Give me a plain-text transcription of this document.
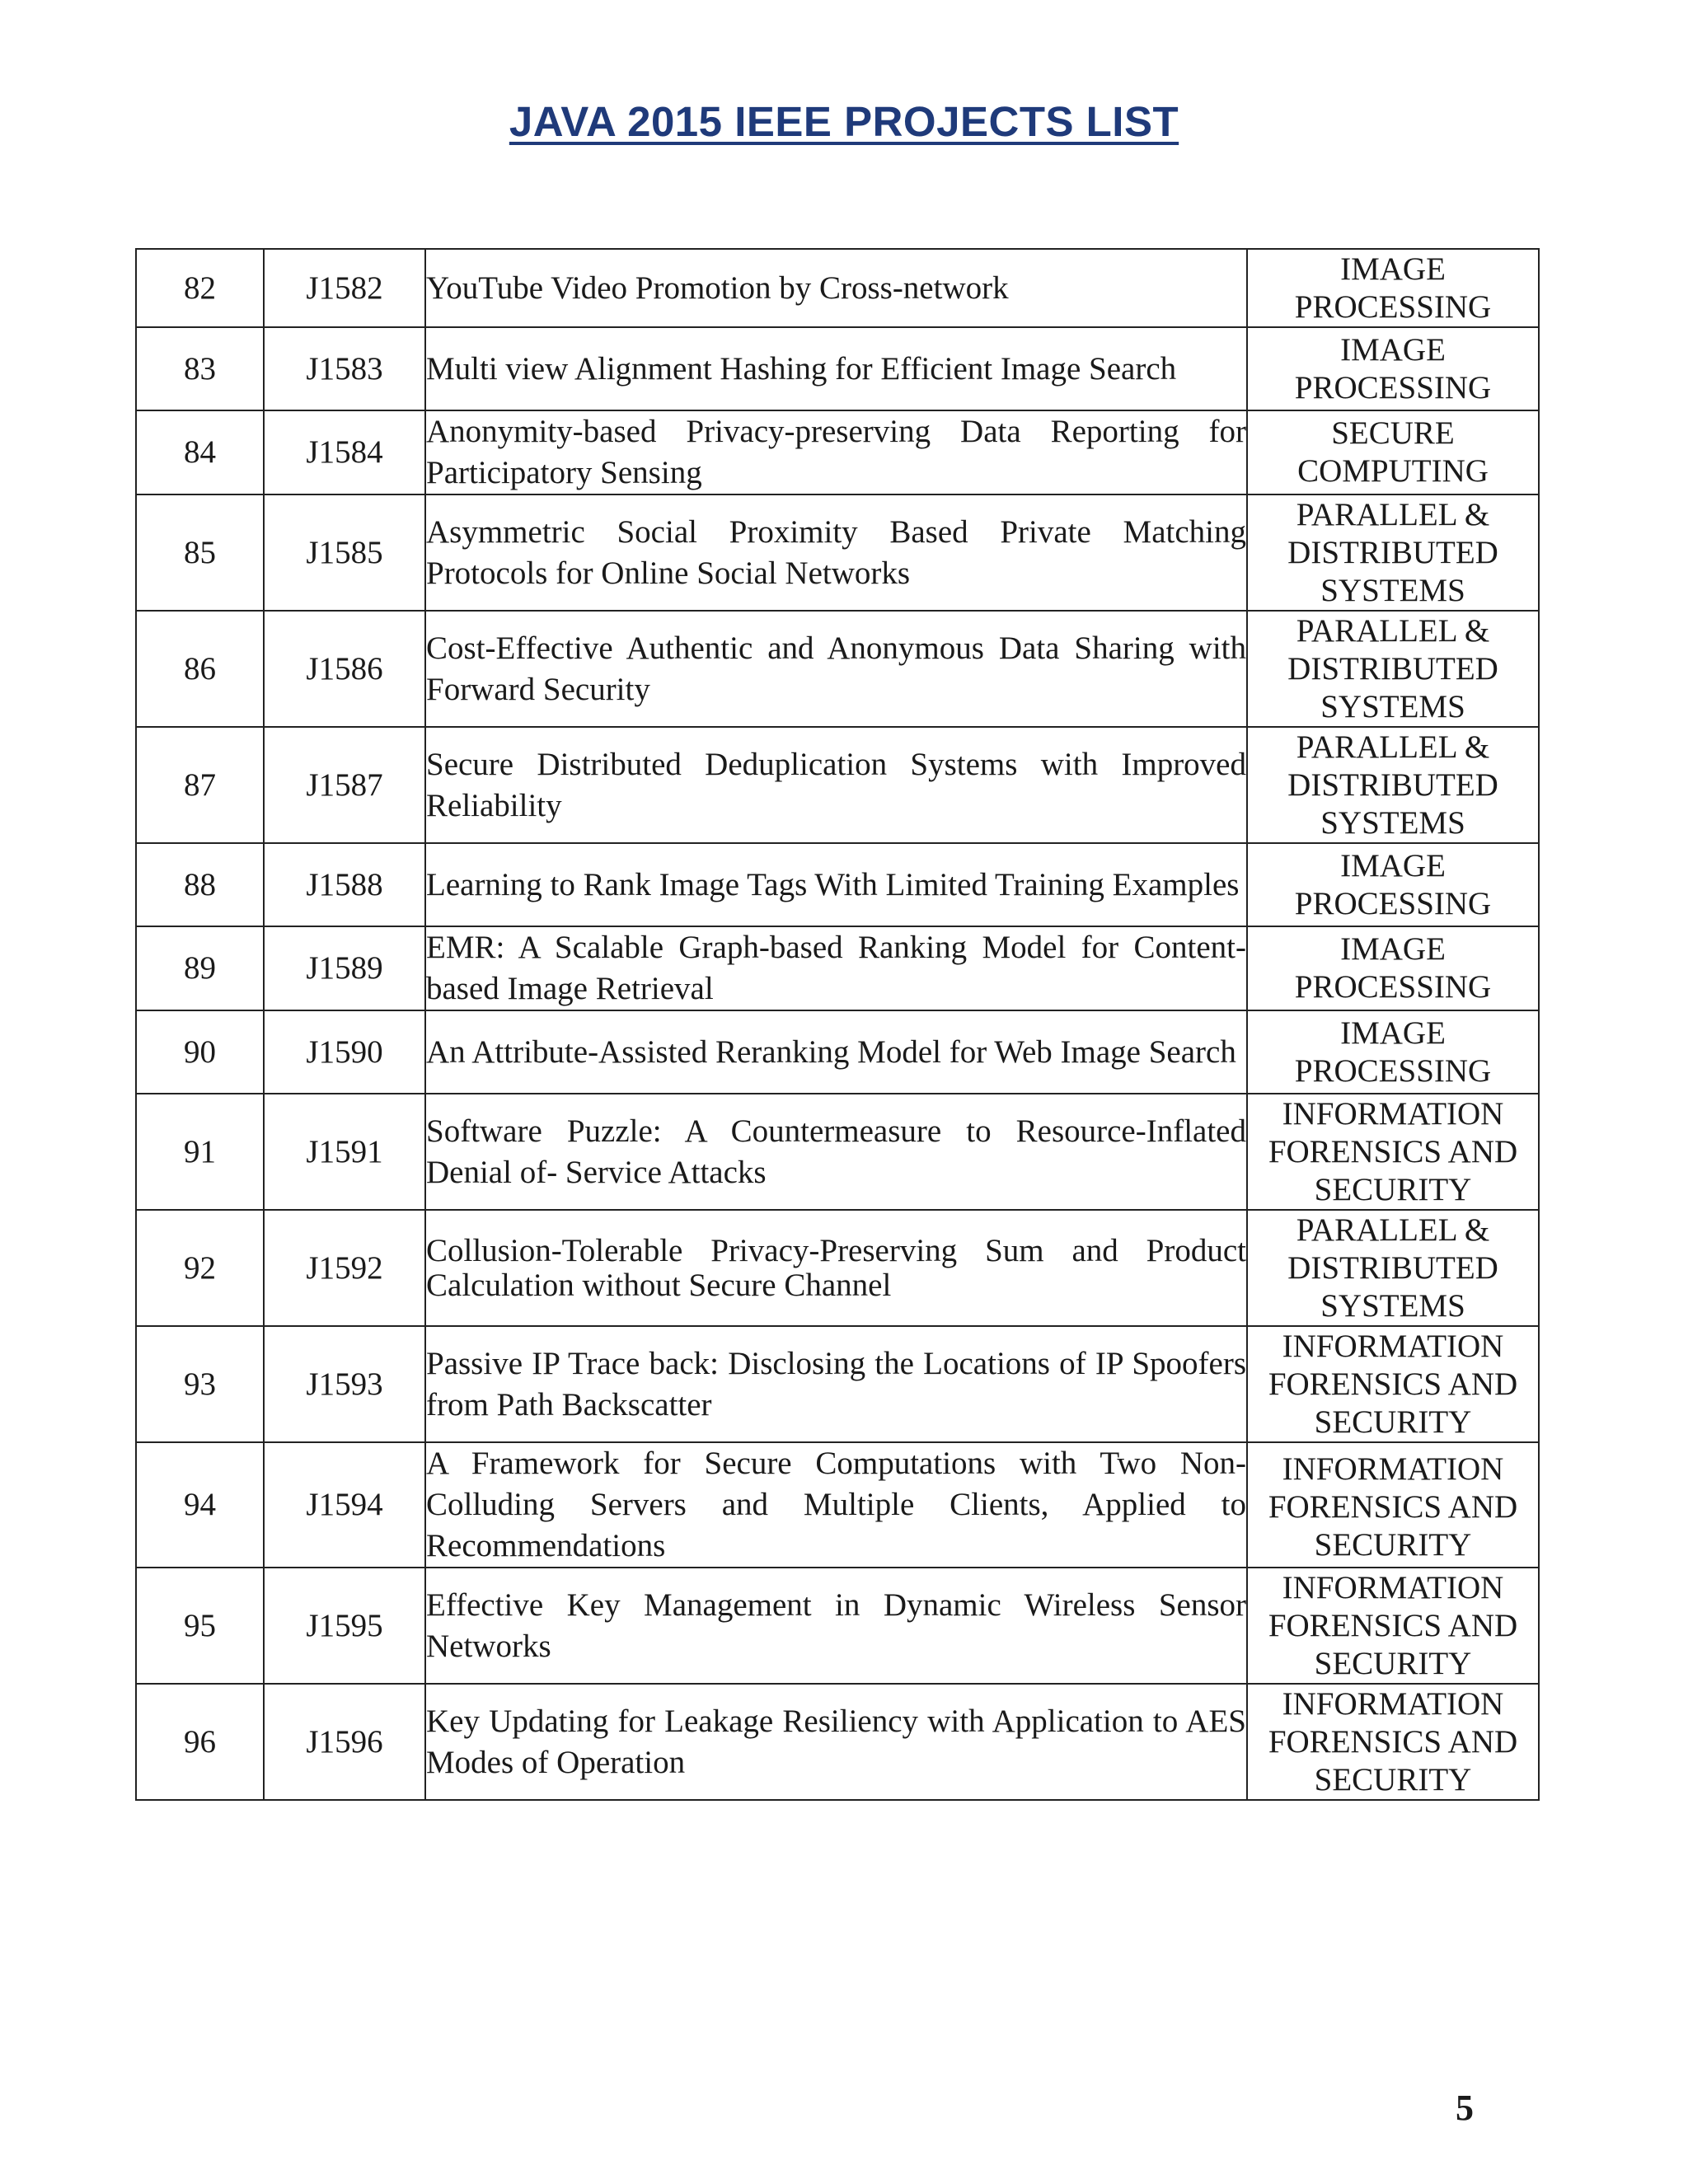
JAVA 2015 IEEE PROJECTS LIST
82	J1582	YouTube Video Promotion by Cross-network	IMAGE
PROCESSING

83	J1583	Multi view Alignment Hashing for Efficient Image Search	IMAGE
PROCESSING

84	J1584	Anonymity-based Privacy-preserving Data Reporting for Participatory Sensing	SECURE
COMPUTING

85	J1585	Asymmetric Social Proximity Based Private Matching Protocols for Online Social Networks	PARALLEL &
DISTRIBUTED
SYSTEMS

86	J1586	Cost-Effective Authentic and Anonymous Data Sharing with Forward Security	PARALLEL &
DISTRIBUTED
SYSTEMS

87	J1587	Secure Distributed Deduplication Systems with Improved Reliability	PARALLEL &
DISTRIBUTED
SYSTEMS

88	J1588	Learning to Rank Image Tags With Limited Training Examples	IMAGE
PROCESSING

89	J1589	EMR: A Scalable Graph-based Ranking Model for Content-based Image Retrieval	IMAGE
PROCESSING

90	J1590	An Attribute-Assisted Reranking Model for Web Image Search	IMAGE
PROCESSING

91	J1591	Software Puzzle: A Countermeasure to Resource-Inflated Denial of- Service Attacks	INFORMATION
FORENSICS AND
SECURITY

92	J1592	Collusion-Tolerable Privacy-Preserving Sum and Product Calculation without Secure Channel	PARALLEL &
DISTRIBUTED
SYSTEMS

93	J1593	Passive IP Trace back: Disclosing the Locations of IP Spoofers from Path Backscatter	INFORMATION
FORENSICS AND
SECURITY

94	J1594	A Framework for Secure Computations with Two Non-Colluding Servers and Multiple Clients, Applied to Recommendations	INFORMATION
FORENSICS AND
SECURITY

95	J1595	Effective Key Management in Dynamic Wireless Sensor Networks	INFORMATION
FORENSICS AND
SECURITY

96	J1596	Key Updating for Leakage Resiliency with Application to AES Modes of Operation	INFORMATION
FORENSICS AND
SECURITY
5
